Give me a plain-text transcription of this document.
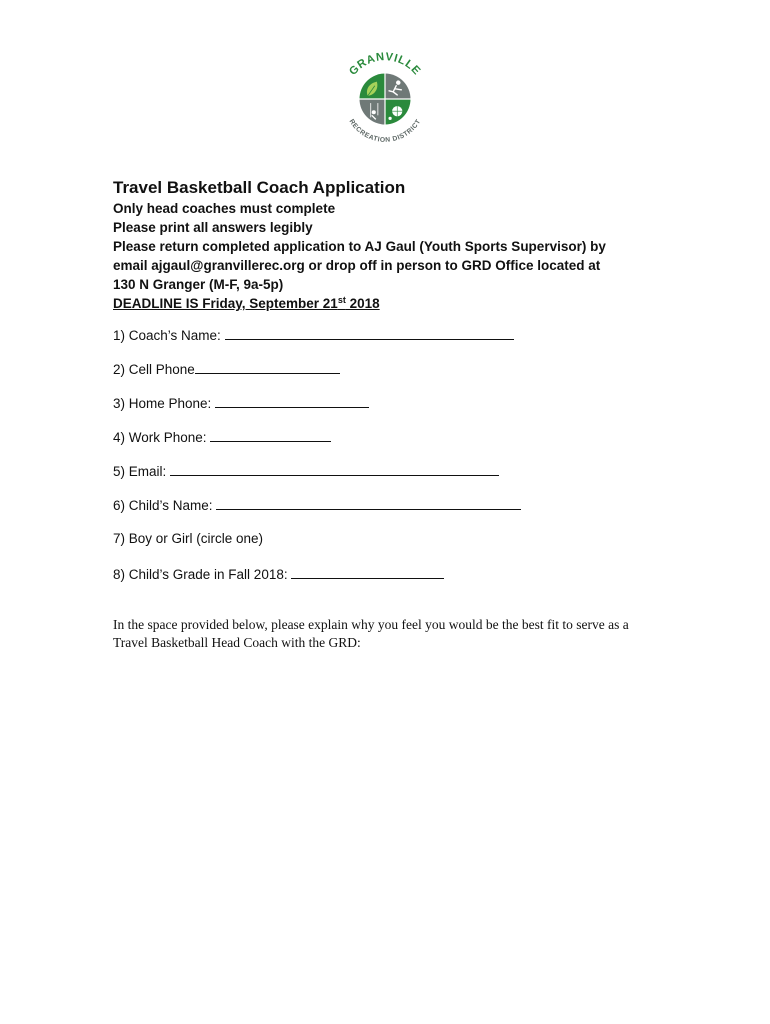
GRANVILLE
RECREATION DISTRICT
Travel Basketball Coach Application
Only head coaches must complete
Please print all answers legibly
Please return completed application to AJ Gaul (Youth Sports Supervisor) by
email ajgaul@granvillerec.org or drop off in person to GRD Office located at
130 N Granger (M-F, 9a-5p)
DEADLINE IS Friday, September 21st 2018
1) Coach’s Name:
2) Cell Phone
3) Home Phone:
4) Work Phone:
5) Email:
6) Child’s Name:
7) Boy or Girl (circle one)
8) Child’s Grade in Fall 2018:
In the space provided below, please explain why you feel you would be the best fit to serve as a Travel Basketball Head Coach with the GRD:
